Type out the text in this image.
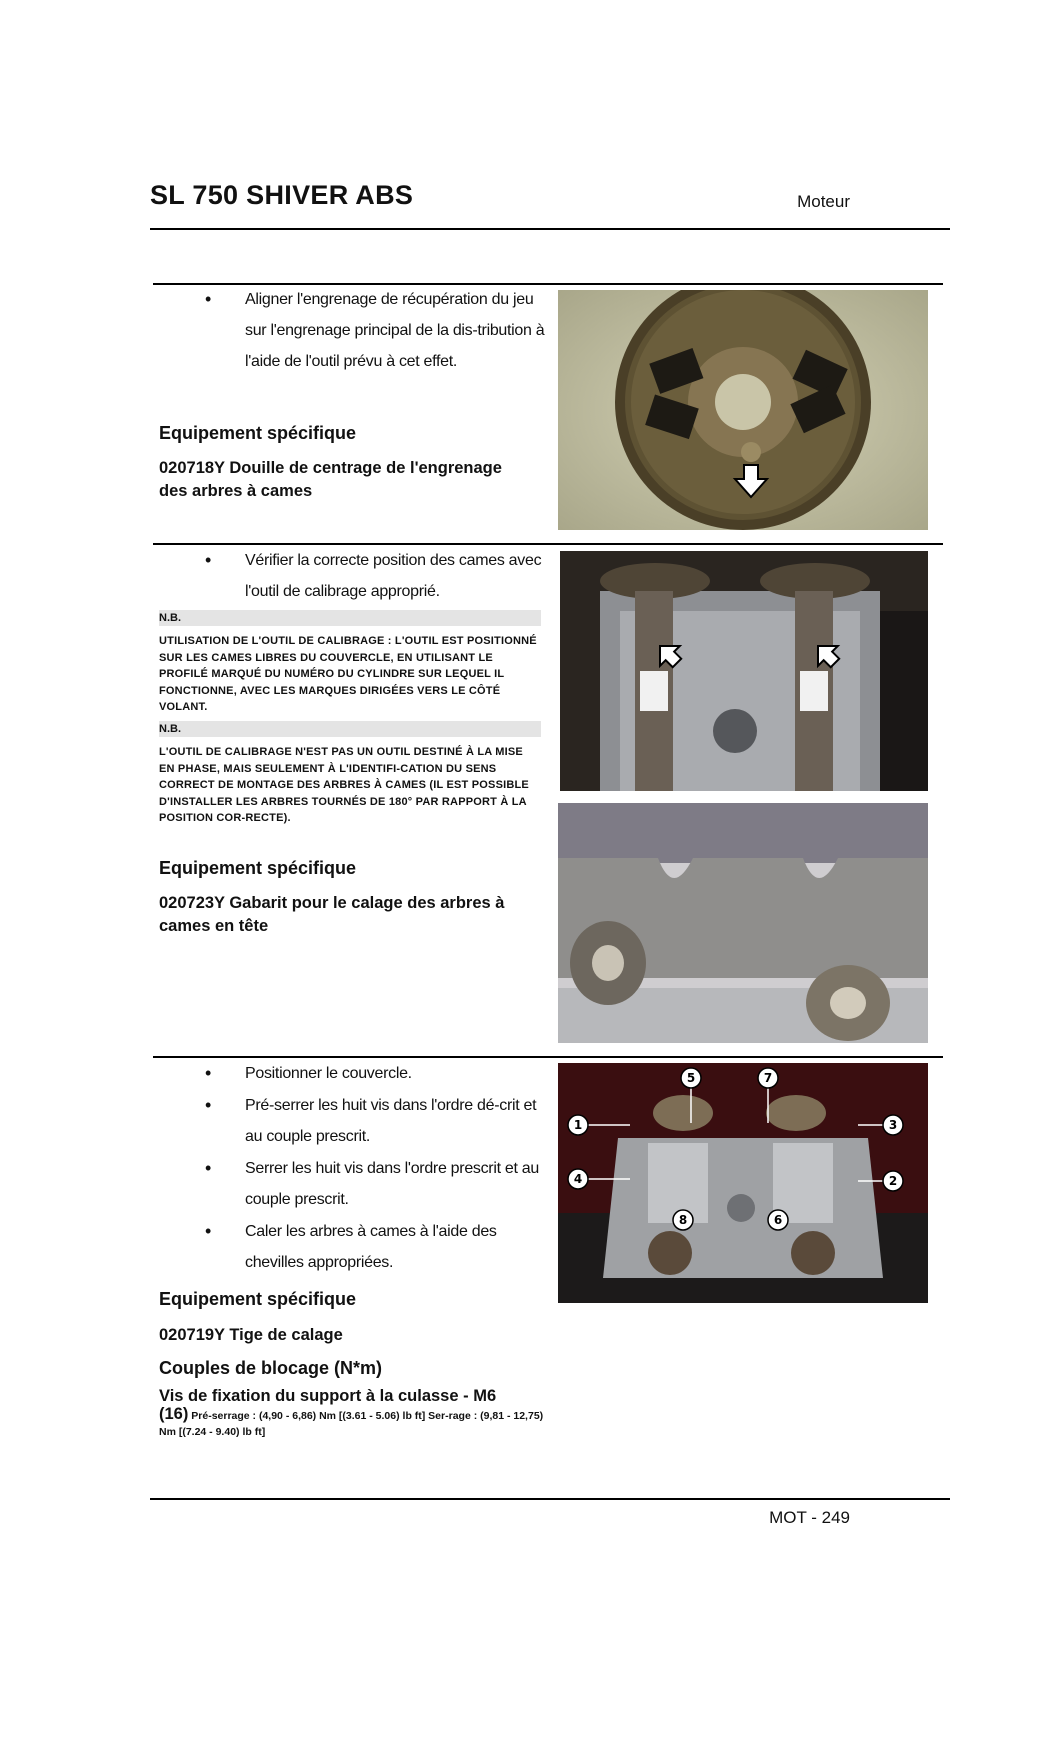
SL 750 SHIVER ABS	Moteur
• Aligner l'engrenage de récupération du jeu sur l'engrenage principal de la dis-tribution à l'aide de l'outil prévu à cet effet.
Equipement spécifique
020718Y Douille de centrage de l'engrenage des arbres à cames
• Vérifier la correcte position des cames avec l'outil de calibrage approprié.
N.B.
UTILISATION DE L'OUTIL DE CALIBRAGE : L'OUTIL EST POSITIONNÉ SUR LES CAMES LIBRES DU COUVERCLE, EN UTILISANT LE PROFILÉ MARQUÉ DU NUMÉRO DU CYLINDRE SUR LEQUEL IL FONCTIONNE, AVEC LES MARQUES DIRIGÉES VERS LE CÔTÉ VOLANT.
N.B.
L'OUTIL DE CALIBRAGE N'EST PAS UN OUTIL DESTINÉ À LA MISE EN PHASE, MAIS SEULEMENT À L'IDENTIFI-CATION DU SENS CORRECT DE MONTAGE DES ARBRES À CAMES (IL EST POSSIBLE D'INSTALLER LES ARBRES TOURNÉS DE 180° PAR RAPPORT À LA POSITION COR-RECTE).
Equipement spécifique
020723Y Gabarit pour le calage des arbres à cames en tête
• Positionner le couvercle.
• Pré-serrer les huit vis dans l'ordre dé-crit et au couple prescrit.
• Serrer les huit vis dans l'ordre prescrit et au couple prescrit.
• Caler les arbres à cames à l'aide des chevilles appropriées.
Equipement spécifique
020719Y Tige de calage
Couples de blocage (N*m)
Vis de fixation du support à la culasse - M6
(16) Pré-serrage : (4,90 - 6,86) Nm [(3.61 - 5.06) lb ft] Ser-rage : (9,81 - 12,75) Nm [(7.24 - 9.40) lb ft]
1
2
3
4
5
6
7
8
MOT - 249
